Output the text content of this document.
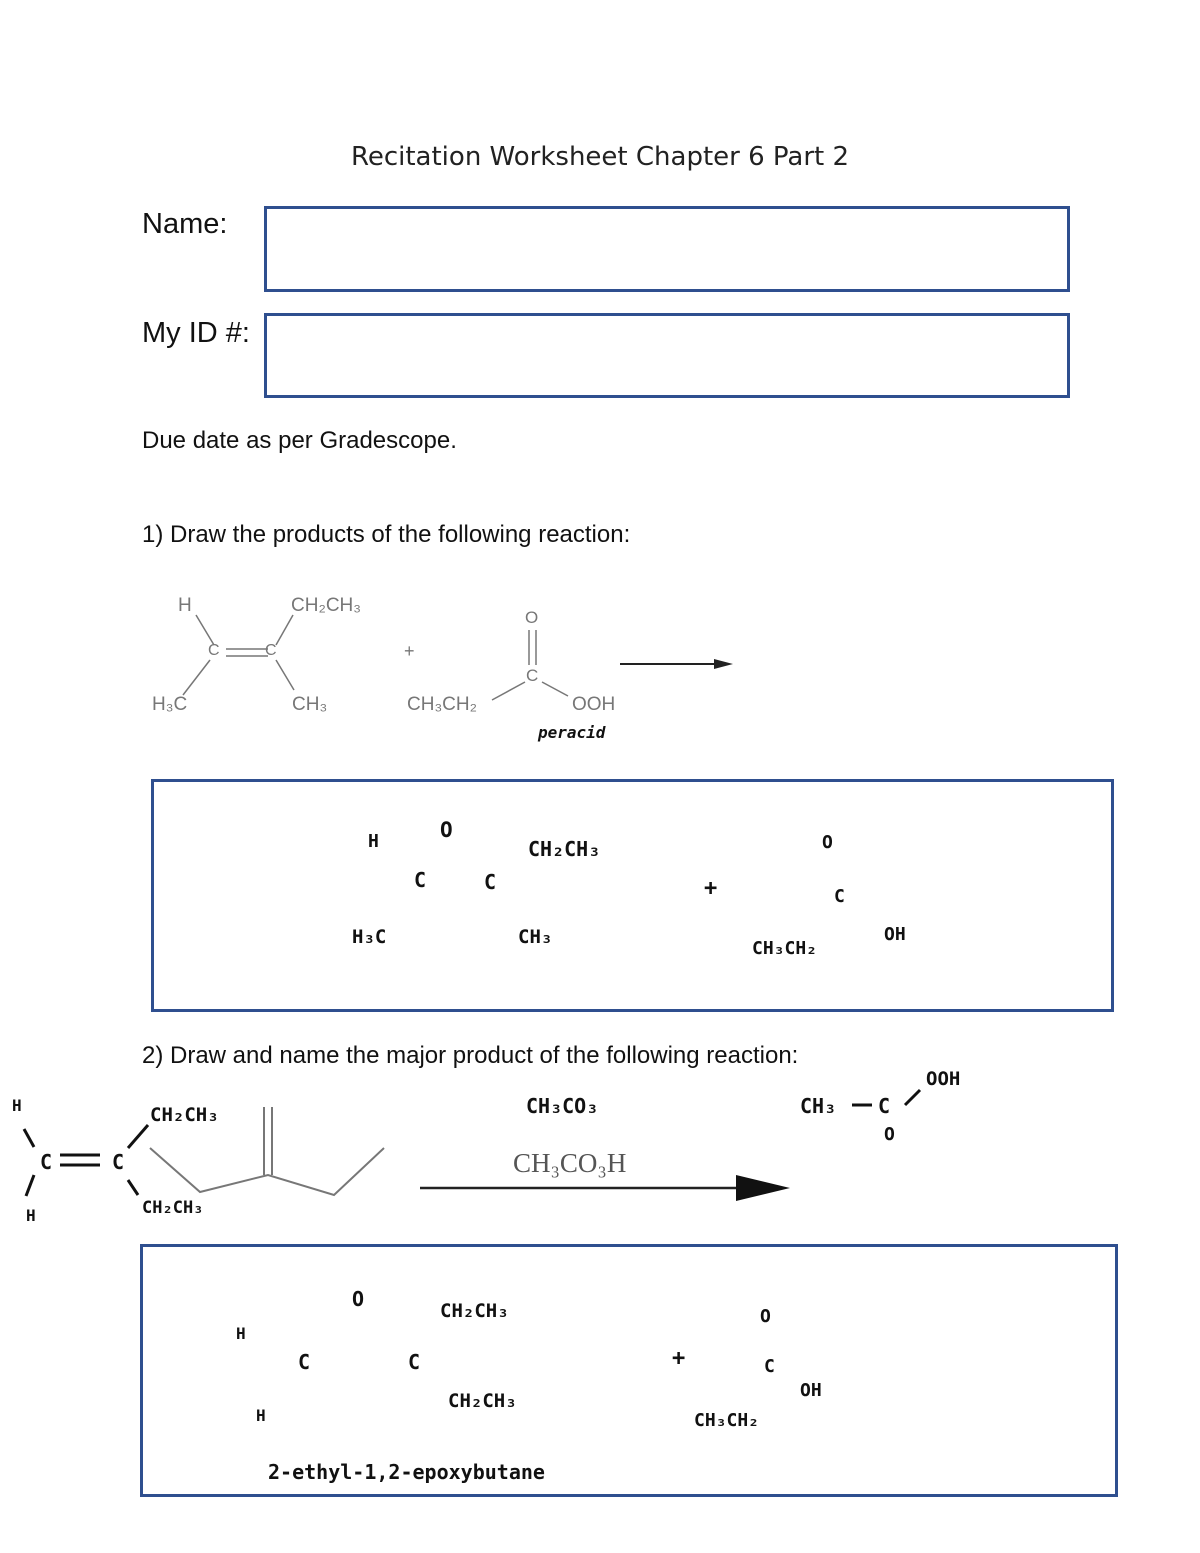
Recitation Worksheet Chapter 6 Part 2
Name:
My ID #:
Due date as per Gradescope.
1) Draw the products of the following reaction:
H	CH₂CH₃
C	C
H₃C	CH₃
+
O
C
CH₃CH₂	OOH
peracid
O
H
C	C
CH₂CH₃
H₃C	CH₃
+
O
C
CH₃CH₂
OH
2) Draw and name the major product of the following reaction:
H
C	C
H
CH₂CH₃
CH₂CH₃
CH₃CO₃
CH₃CO₃H
CH₃ C
O
OOH
O
H
C	C
H
CH₂CH₃
CH₂CH₃
+
O
C
CH₃CH₂
OH
2-ethyl-1,2-epoxybutane
